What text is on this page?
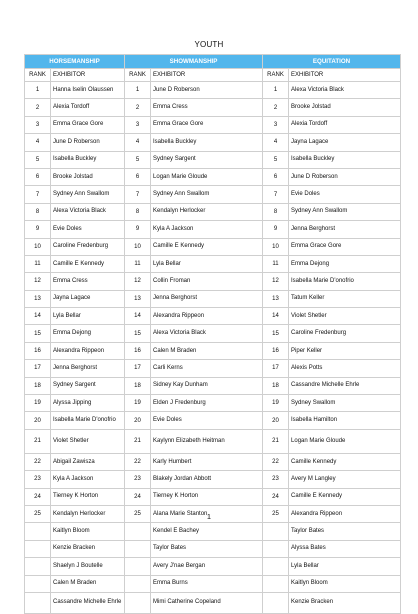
YOUTH
HORSEMANSHIP		SHOWMANSHIP		EQUITATION	
RANK	EXHIBITOR	RANK	EXHIBITOR	RANK	EXHIBITOR
1	Hanna Iselin Olaussen	1	June D Roberson	1	Alexa Victoria Black
2	Alexia Tordoff	2	Emma Cress	2	Brooke Jolstad
3	Emma Grace Gore	3	Emma Grace Gore	3	Alexia Tordoff
4	June D Roberson	4	Isabella Buckley	4	Jayna Lagace
5	Isabella Buckley	5	Sydney Sargent	5	Isabella Buckley
6	Brooke Jolstad	6	Logan Marie Gloude	6	June D Roberson
7	Sydney Ann Swallom	7	Sydney Ann Swallom	7	Evie Doles
8	Alexa Victoria Black	8	Kendalyn Herlocker	8	Sydney Ann Swallom
9	Evie Doles	9	Kyla A Jackson	9	Jenna Berghorst
10	Caroline Fredenburg	10	Camille E Kennedy	10	Emma Grace Gore
11	Camille E Kennedy	11	Lyla Bellar	11	Emma Dejong
12	Emma Cress	12	Collin Froman	12	Isabella Marie D'onofrio
13	Jayna Lagace	13	Jenna Berghorst	13	Tatum Keller
14	Lyla Bellar	14	Alexandra Rippeon	14	Violet Shetler
15	Emma Dejong	15	Alexa Victoria Black	15	Caroline Fredenburg
16	Alexandra Rippeon	16	Calen M Braden	16	Piper Keller
17	Jenna Berghorst	17	Carli Kerns	17	Alexis Potts
18	Sydney Sargent	18	Sidney Kay Dunham	18	Cassandre Michelle Ehrle
19	Alyssa Jipping	19	Elden J Fredenburg	19	Sydney Swallom
20	Isabella Marie D'onofrio	20	Evie Doles	20	Isabella Hamilton
21	Violet Shetler	21	Kaylynn Elizabeth Heitman	21	Logan Marie Gloude
22	Abigail Zawisza	22	Karly Humbert	22	Camille Kennedy
23	Kyla A Jackson	23	Blakely Jordan Abbott	23	Avery M Langley
24	Tierney K Horton	24	Tierney K Horton	24	Camille E Kennedy
25	Kendalyn Herlocker	25	Alana Marie Stanton	25	Alexandra Rippeon
	Kaitlyn Bloom		Kendel E Bachey		Taylor Bates
	Kenzie Bracken		Taylor Bates		Alyssa Bates
	Shaelyn J Boutelle		Avery J'nae Bergan		Lyla Bellar
	Calen M Braden		Emma Burns		Kaitlyn Bloom
	Cassandre Michelle Ehrle		Mimi Catherine Copeland		Kenzie Bracken
1
